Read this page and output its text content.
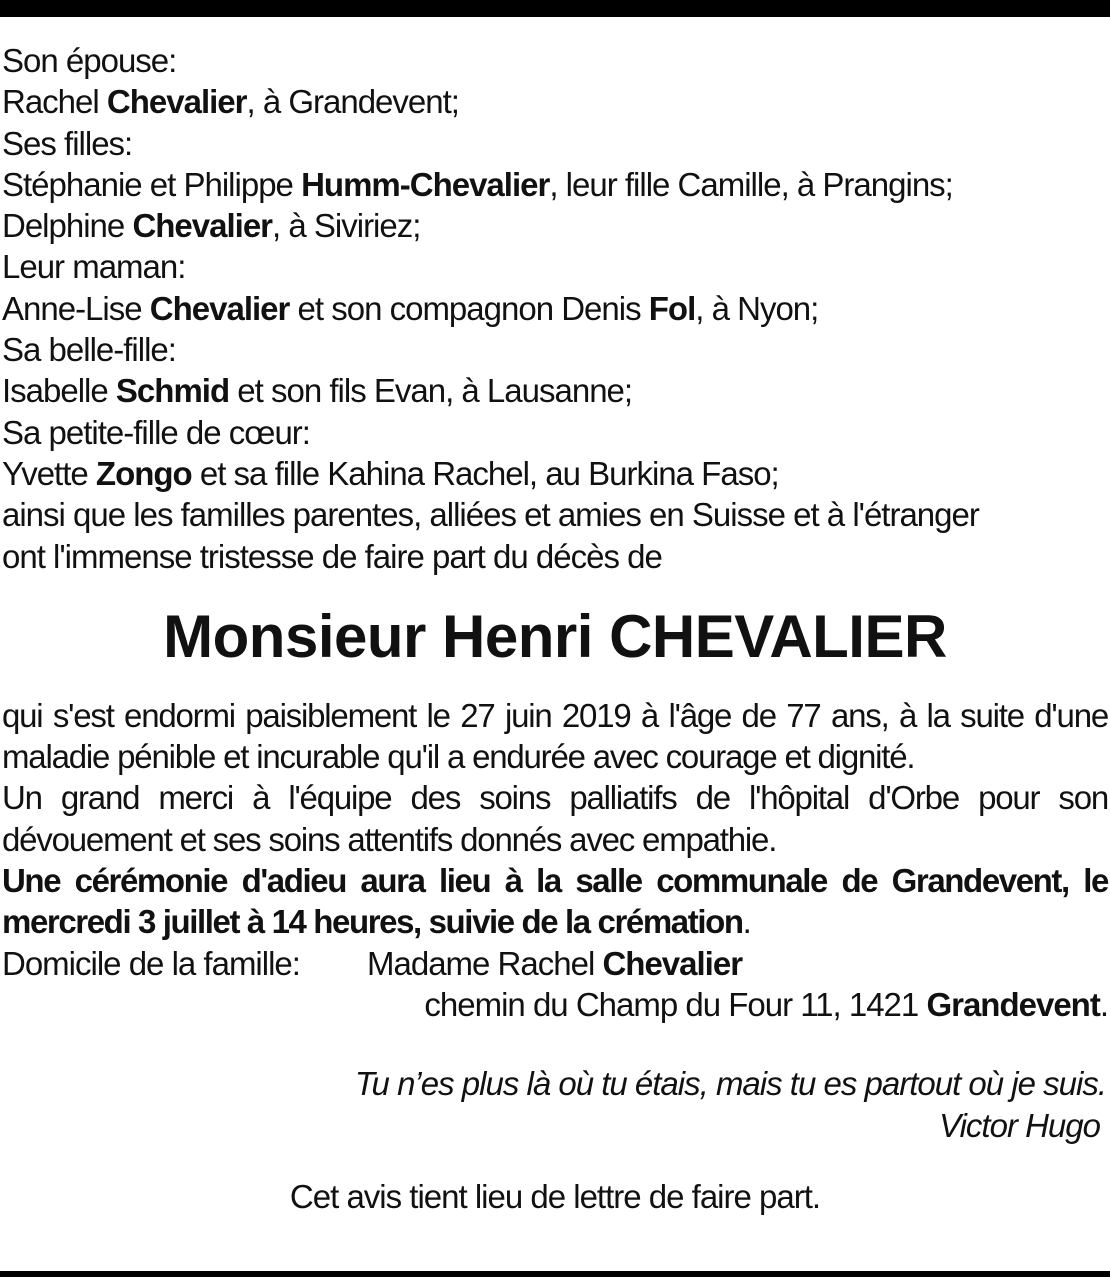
Son épouse:
Rachel Chevalier, à Grandevent;
Ses filles:
Stéphanie et Philippe Humm-Chevalier, leur fille Camille, à Prangins;
Delphine Chevalier, à Siviriez;
Leur maman:
Anne-Lise Chevalier et son compagnon Denis Fol, à Nyon;
Sa belle-fille:
Isabelle Schmid et son fils Evan, à Lausanne;
Sa petite-fille de cœur:
Yvette Zongo et sa fille Kahina Rachel, au Burkina Faso;
ainsi que les familles parentes, alliées et amies en Suisse et à l'étranger
ont l'immense tristesse de faire part du décès de
Monsieur Henri CHEVALIER
qui s'est endormi paisiblement le 27 juin 2019 à l'âge de 77 ans, à la suite d'une maladie pénible et incurable qu'il a endurée avec courage et dignité.
Un grand merci à l'équipe des soins palliatifs de l'hôpital d'Orbe pour son dévouement et ses soins attentifs donnés avec empathie.
Une cérémonie d'adieu aura lieu à la salle communale de Grandevent, le mercredi 3 juillet à 14 heures, suivie de la crémation.
Domicile de la famille: Madame Rachel Chevalier
chemin du Champ du Four 11, 1421 Grandevent.
Tu n’es plus là où tu étais, mais tu es partout où je suis.
Victor Hugo
Cet avis tient lieu de lettre de faire part.
